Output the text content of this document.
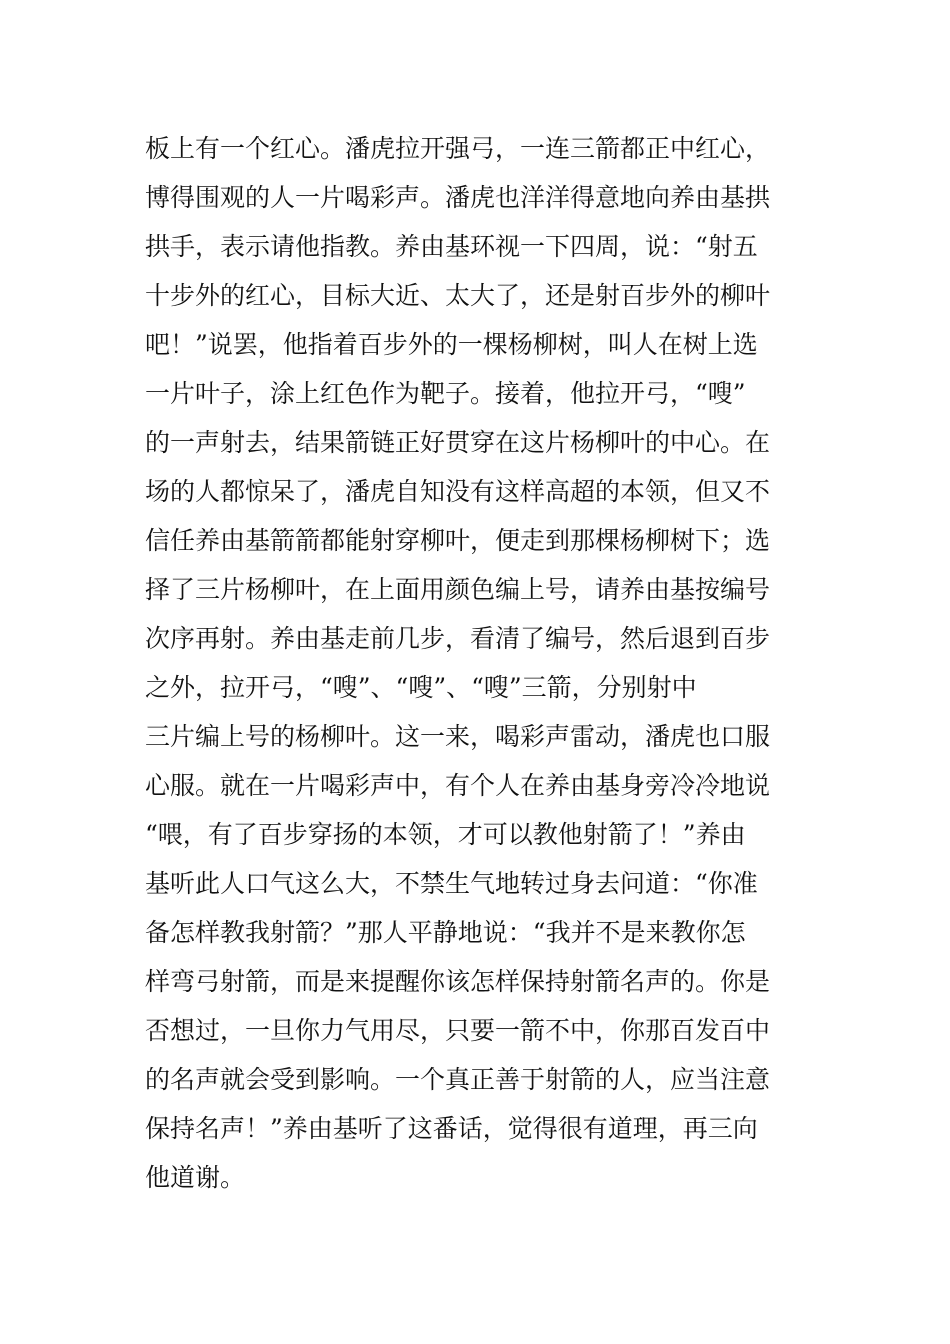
板上有一个红心。潘虎拉开强弓，一连三箭都正中红心，
博得围观的人一片喝彩声。潘虎也洋洋得意地向养由基拱
拱手，表示请他指教。养由基环视一下四周，说：“射五
十步外的红心，目标大近、太大了，还是射百步外的柳叶
吧！”说罢，他指着百步外的一棵杨柳树，叫人在树上选
一片叶子，涂上红色作为靶子。接着，他拉开弓，“嗖”
的一声射去，结果箭链正好贯穿在这片杨柳叶的中心。在
场的人都惊呆了，潘虎自知没有这样高超的本领，但又不
信任养由基箭箭都能射穿柳叶，便走到那棵杨柳树下；选
择了三片杨柳叶，在上面用颜色编上号，请养由基按编号
次序再射。养由基走前几步，看清了编号，然后退到百步
之外，拉开弓，“嗖”、“嗖”、“嗖”三箭，分别射中
三片编上号的杨柳叶。这一来，喝彩声雷动，潘虎也口服
心服。就在一片喝彩声中，有个人在养由基身旁冷冷地说
“喂，有了百步穿扬的本领，才可以教他射箭了！”养由
基听此人口气这么大，不禁生气地转过身去问道：“你准
备怎样教我射箭？”那人平静地说：“我并不是来教你怎
样弯弓射箭，而是来提醒你该怎样保持射箭名声的。你是
否想过，一旦你力气用尽，只要一箭不中，你那百发百中
的名声就会受到影响。一个真正善于射箭的人，应当注意
保持名声！”养由基听了这番话，觉得很有道理，再三向
他道谢。
